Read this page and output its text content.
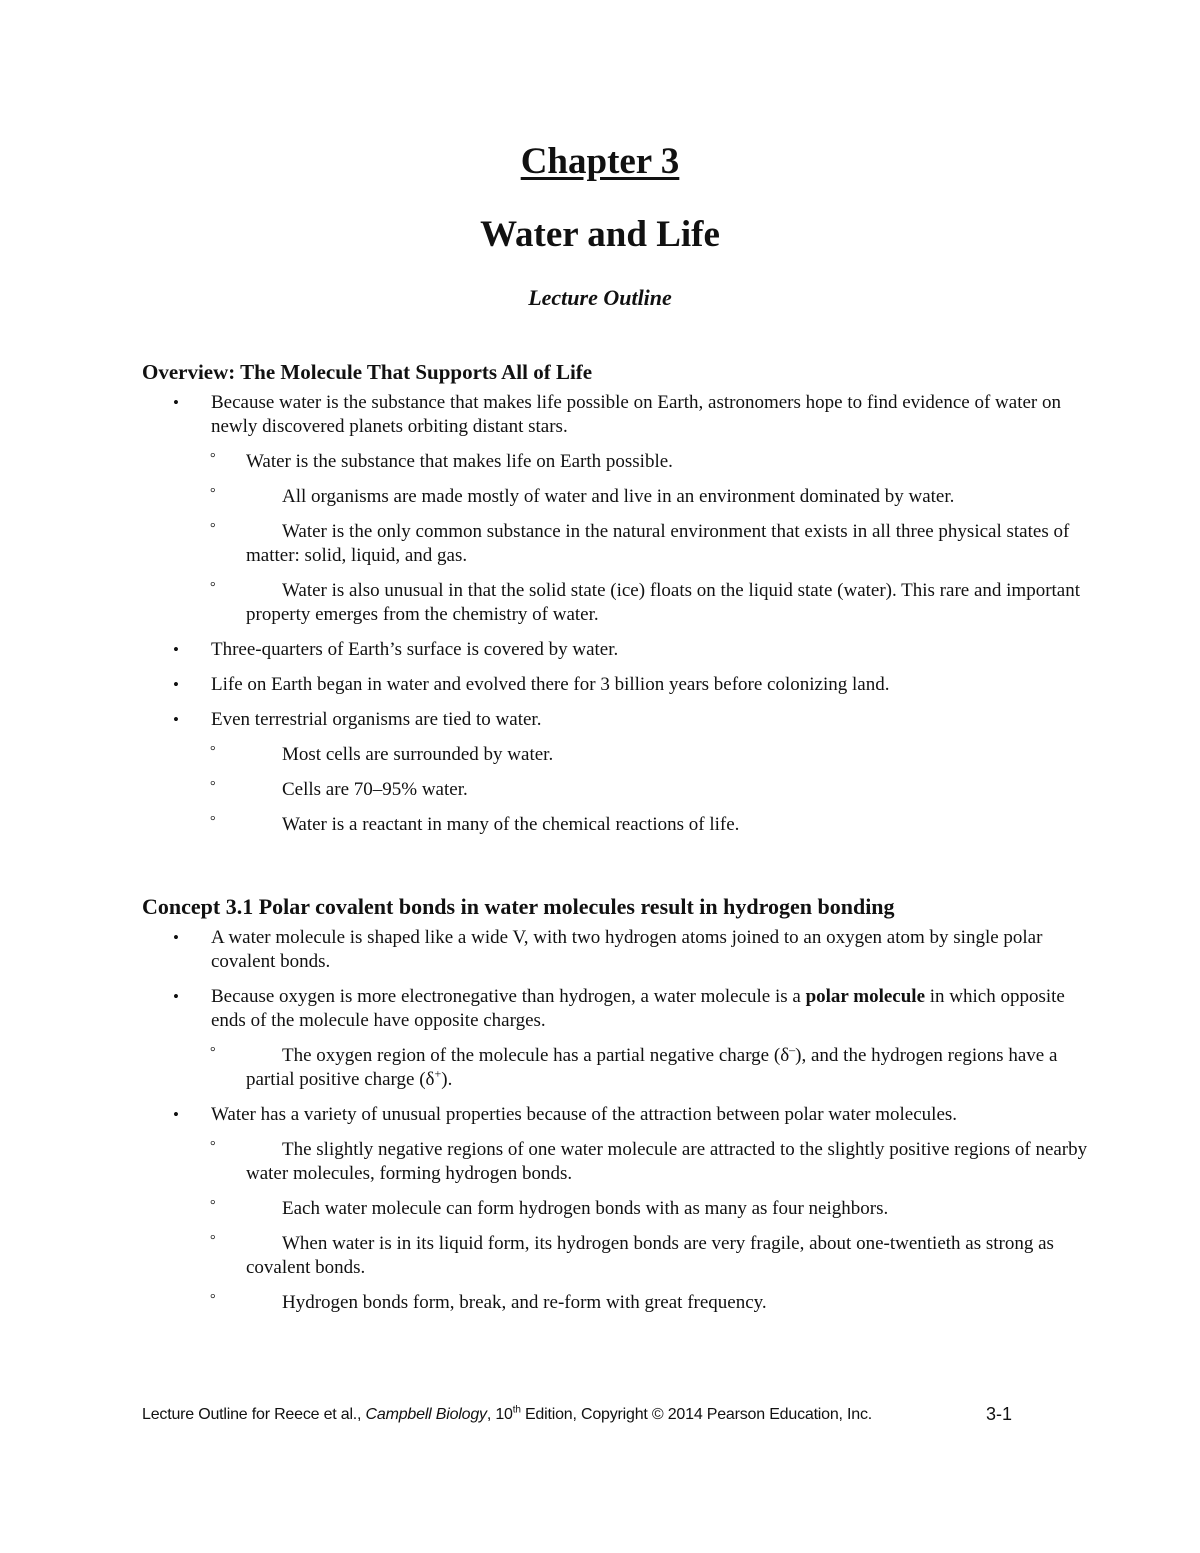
Chapter 3
Water and Life
Lecture Outline
Overview: The Molecule That Supports All of Life
• Because water is the substance that makes life possible on Earth, astronomers hope to find evidence of water on newly discovered planets orbiting distant stars.
° Water is the substance that makes life on Earth possible.
°	All organisms are made mostly of water and live in an environment dominated by water.
°	Water is the only common substance in the natural environment that exists in all three physical states of matter: solid, liquid, and gas.
°	Water is also unusual in that the solid state (ice) floats on the liquid state (water). This rare and important property emerges from the chemistry of water.
• Three-quarters of Earth’s surface is covered by water.
• Life on Earth began in water and evolved there for 3 billion years before colonizing land.
• Even terrestrial organisms are tied to water.
°	Most cells are surrounded by water.
°	Cells are 70–95% water.
°	Water is a reactant in many of the chemical reactions of life.
Concept 3.1 Polar covalent bonds in water molecules result in hydrogen bonding
• A water molecule is shaped like a wide V, with two hydrogen atoms joined to an oxygen atom by single polar covalent bonds.
• Because oxygen is more electronegative than hydrogen, a water molecule is a polar molecule in which opposite ends of the molecule have opposite charges.
°	The oxygen region of the molecule has a partial negative charge (δ–), and the hydrogen regions have a partial positive charge (δ+).
• Water has a variety of unusual properties because of the attraction between polar water molecules.
°	The slightly negative regions of one water molecule are attracted to the slightly positive regions of nearby water molecules, forming hydrogen bonds.
°	Each water molecule can form hydrogen bonds with as many as four neighbors.
°	When water is in its liquid form, its hydrogen bonds are very fragile, about one-twentieth as strong as covalent bonds.
°	Hydrogen bonds form, break, and re-form with great frequency.
Lecture Outline for Reece et al., Campbell Biology, 10th Edition, Copyright © 2014 Pearson Education, Inc.	3-1
